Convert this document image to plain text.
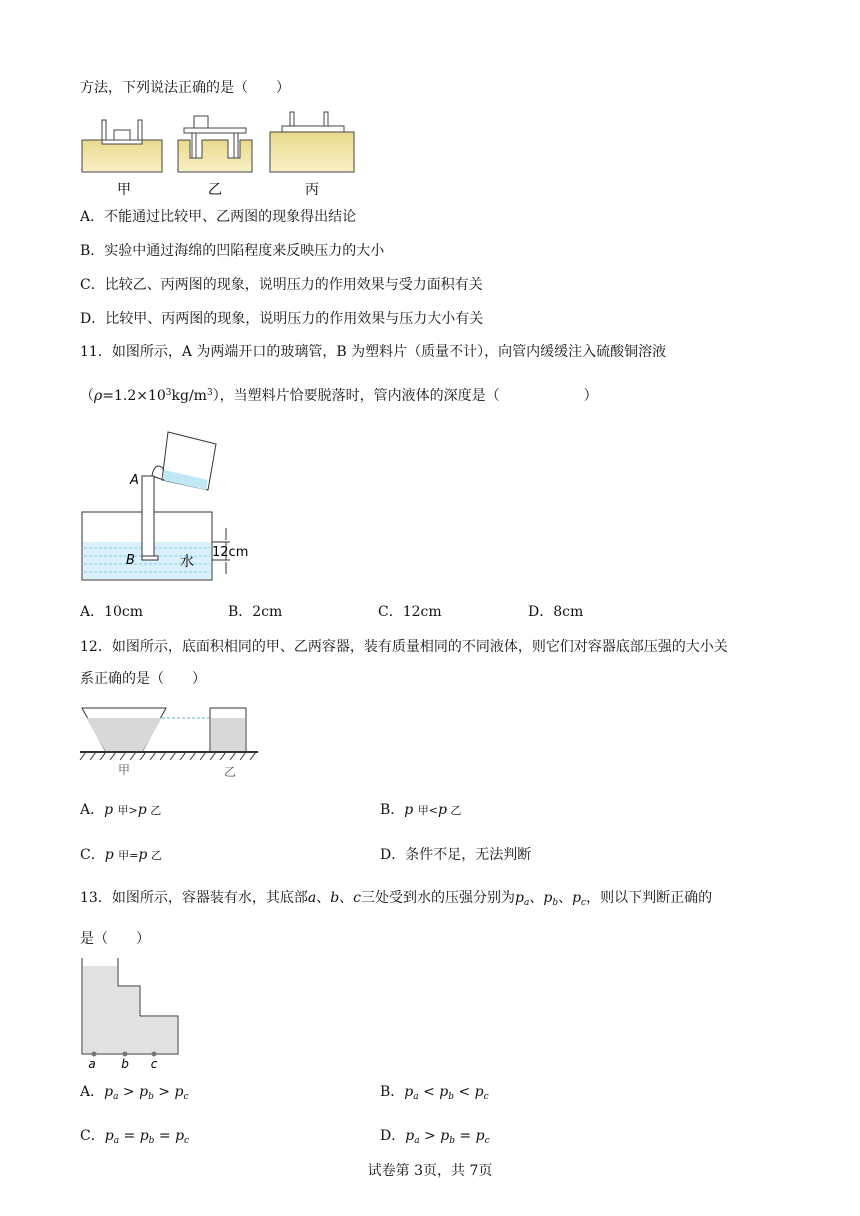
方法，下列说法正确的是（　　）
甲	乙	丙
A．不能通过比较甲、乙两图的现象得出结论
B．实验中通过海绵的凹陷程度来反映压力的大小
C．比较乙、丙两图的现象，说明压力的作用效果与受力面积有关
D．比较甲、丙两图的现象，说明压力的作用效果与压力大小有关
11．如图所示，A 为两端开口的玻璃管，B 为塑料片（质量不计），向管内缓缓注入硫酸铜溶液
$(\rho=1.2\times 10^3kg/m^3)$，当塑料片恰要脱落时，管内液体的深度是（　　　　　　）
A
B	水
12cm
A．10cm	B．2cm	C．12cm	D．8cm
12．如图所示，底面积相同的甲、乙两容器，装有质量相同的不同液体，则它们对容器底部压强的大小关
系正确的是（　　）
甲	乙
A．p 甲>p 乙	B．p 甲<p 乙
C．p 甲=p 乙	D．条件不足，无法判断
13．如图所示，容器装有水，其底部a、b、c三处受到水的压强分别为$p_a$、$p_b$、$p_c$，则以下判断正确的
是（　　）
a b c
A．$p_a > p_b > p_c$	B．$p_a < p_b < p_c$
C．$p_a = p_b = p_c$	D．$p_a > p_b = p_c$
试卷第 3页，共 7页
